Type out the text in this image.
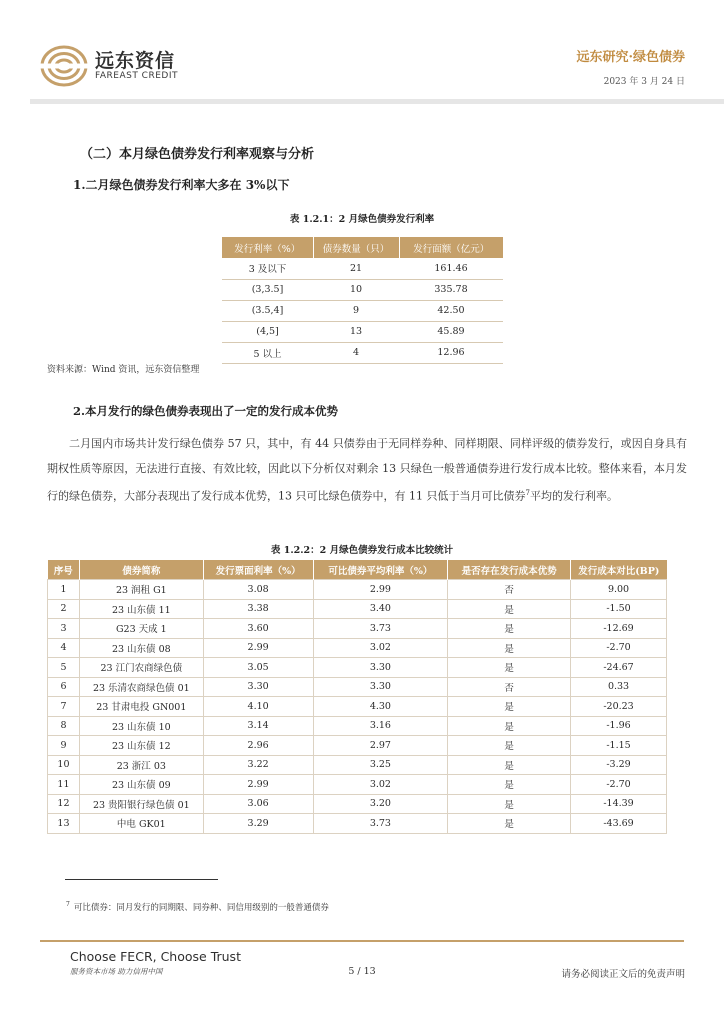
远东资信
FAREAST CREDIT
远东研究·绿色债券
2023 年 3 月 24 日
（二）本月绿色债券发行利率观察与分析
1.二月绿色债券发行利率大多在 3%以下
表 1.2.1：2 月绿色债券发行利率
发行利率（%）	债券数量（只）	发行面额（亿元）
3 及以下	21	161.46
(3,3.5]	10	335.78
(3.5,4]	9	42.50
(4,5]	13	45.89
5 以上	4	12.96
资料来源：Wind 资讯，远东资信整理
2.本月发行的绿色债券表现出了一定的发行成本优势

二月国内市场共计发行绿色债券 57 只，其中，有 44 只债券由于无同样券种、同样期限、同样评级的债券发行，或因自身具有期权性质等原因，无法进行直接、有效比较，因此以下分析仅对剩余 13 只绿色一般普通债券进行发行成本比较。整体来看，本月发行的绿色债券，大部分表现出了发行成本优势，13 只可比绿色债券中，有 11 只低于当月可比债券$^7$平均的发行利率。

表 1.2.2：2 月绿色债券发行成本比较统计
序号	债券简称	发行票面利率（%）	可比债券平均利率（%）	是否存在发行成本优势	发行成本对比(BP)
1	23 润租 G1	3.08	2.99	否	9.00
2	23 山东债 11	3.38	3.40	是	-1.50
3	G23 天成 1	3.60	3.73	是	-12.69
4	23 山东债 08	2.99	3.02	是	-2.70
5	23 江门农商绿色债	3.05	3.30	是	-24.67
6	23 乐清农商绿色债 01	3.30	3.30	否	0.33
7	23 甘肃电投 GN001	4.10	4.30	是	-20.23
8	23 山东债 10	3.14	3.16	是	-1.96
9	23 山东债 12	2.96	2.97	是	-1.15
10	23 浙江 03	3.22	3.25	是	-3.29
11	23 山东债 09	2.99	3.02	是	-2.70
12	23 贵阳银行绿色债 01	3.06	3.20	是	-14.39
13	中电 GK01	3.29	3.73	是	-43.69
$^7$ 可比债券：同月发行的同期限、同券种、同信用级别的一般普通债券
Choose FECR, Choose Trust
服务资本市场 助力信用中国	5 / 13	请务必阅读正文后的免责声明
